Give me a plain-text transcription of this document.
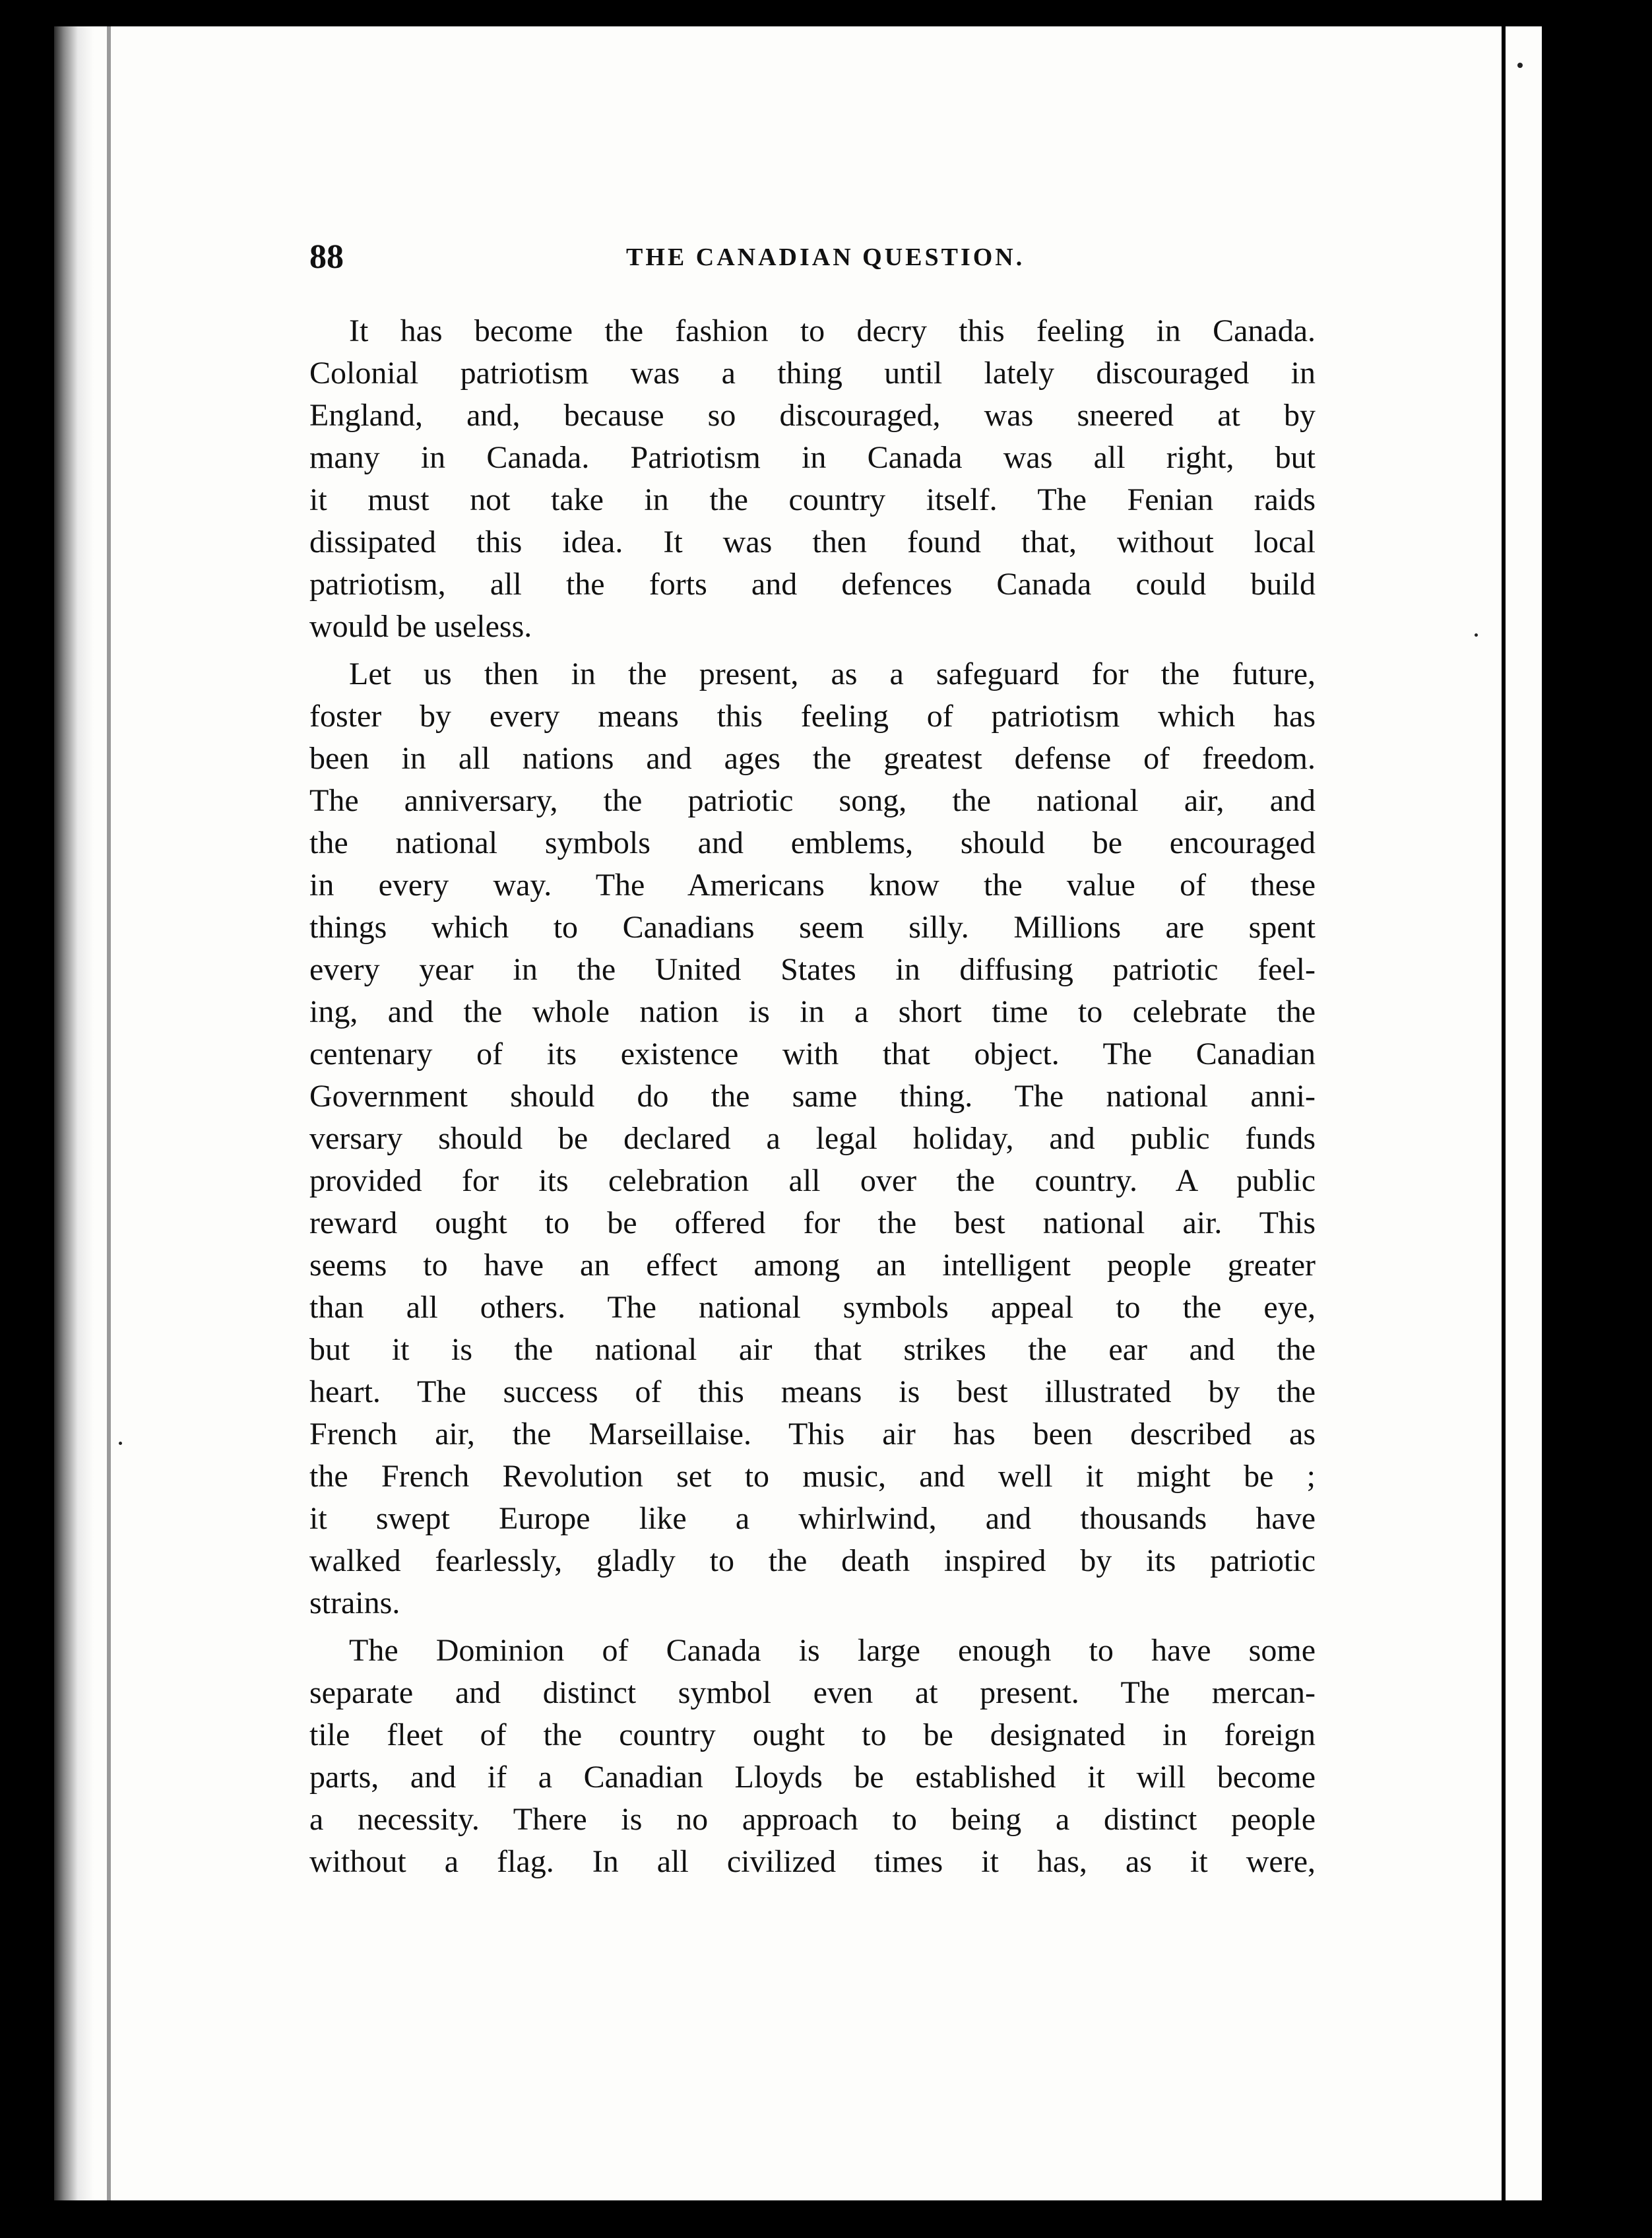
88	THE CANADIAN QUESTION.
It has become the fashion to decry this feeling in Canada.
Colonial patriotism was a thing until lately discouraged in
England, and, because so discouraged, was sneered at by
many in Canada. Patriotism in Canada was all right, but
it must not take in the country itself. The Fenian raids
dissipated this idea. It was then found that, without local
patriotism, all the forts and defences Canada could build
would be useless.
Let us then in the present, as a safeguard for the future,
foster by every means this feeling of patriotism which has
been in all nations and ages the greatest defense of freedom.
The anniversary, the patriotic song, the national air, and
the national symbols and emblems, should be encouraged
in every way. The Americans know the value of these
things which to Canadians seem silly. Millions are spent
every year in the United States in diffusing patriotic feel-
ing, and the whole nation is in a short time to celebrate the
centenary of its existence with that object. The Canadian
Government should do the same thing. The national anni-
versary should be declared a legal holiday, and public funds
provided for its celebration all over the country. A public
reward ought to be offered for the best national air. This
seems to have an effect among an intelligent people greater
than all others. The national symbols appeal to the eye,
but it is the national air that strikes the ear and the
heart. The success of this means is best illustrated by the
French air, the Marseillaise. This air has been described as
the French Revolution set to music, and well it might be ;
it swept Europe like a whirlwind, and thousands have
walked fearlessly, gladly to the death inspired by its patriotic
strains.
The Dominion of Canada is large enough to have some
separate and distinct symbol even at present. The mercan-
tile fleet of the country ought to be designated in foreign
parts, and if a Canadian Lloyds be established it will become
a necessity. There is no approach to being a distinct people
without a flag. In all civilized times it has, as it were,
